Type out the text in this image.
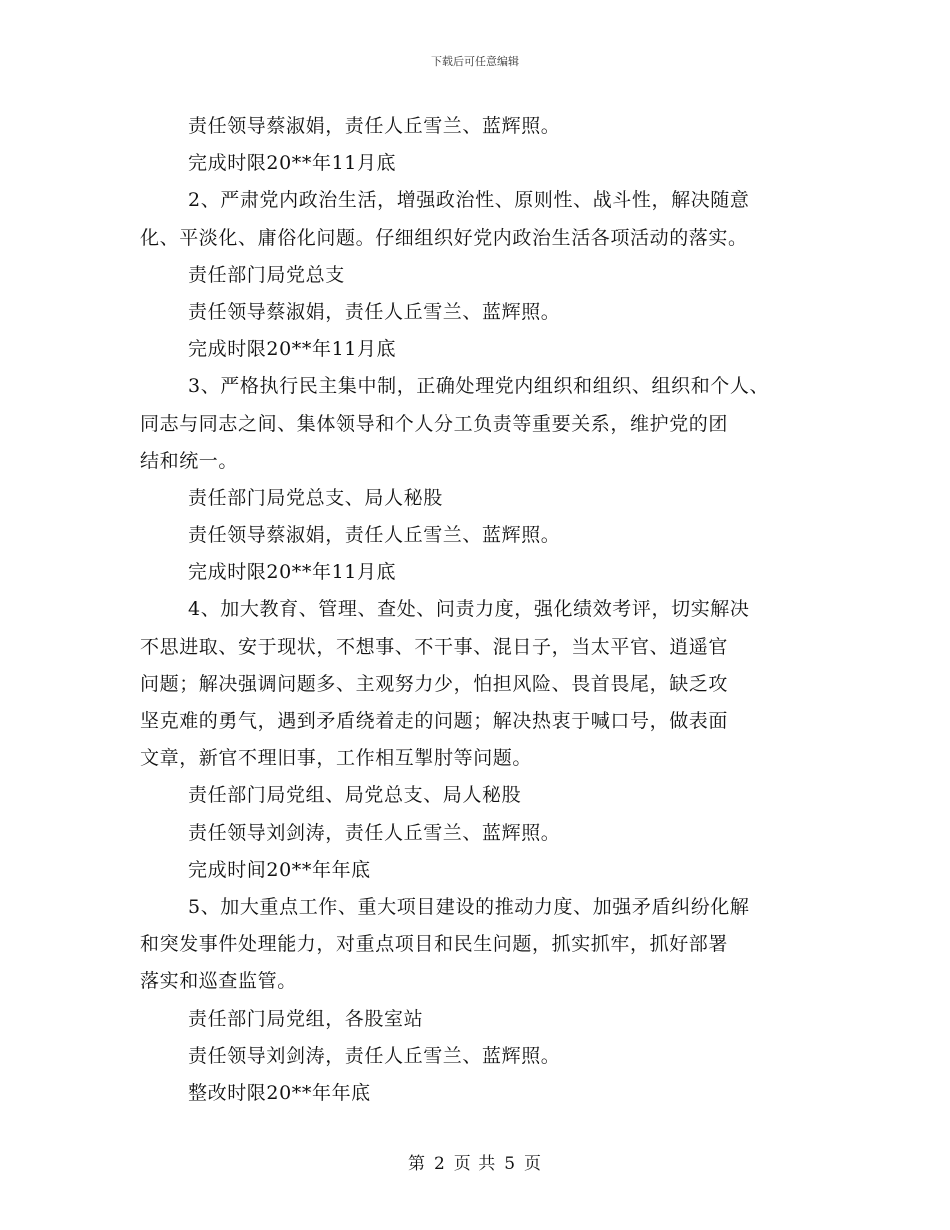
下载后可任意编辑
责任领导蔡淑娟，责任人丘雪兰、蓝辉照。
完成时限20**年11月底
2、严肃党内政治生活，增强政治性、原则性、战斗性，解决随意
化、平淡化、庸俗化问题。仔细组织好党内政治生活各项活动的落实。
责任部门局党总支
责任领导蔡淑娟，责任人丘雪兰、蓝辉照。
完成时限20**年11月底
3、严格执行民主集中制，正确处理党内组织和组织、组织和个人、
同志与同志之间、集体领导和个人分工负责等重要关系，维护党的团
结和统一。
责任部门局党总支、局人秘股
责任领导蔡淑娟，责任人丘雪兰、蓝辉照。
完成时限20**年11月底
4、加大教育、管理、查处、问责力度，强化绩效考评，切实解决
不思进取、安于现状，不想事、不干事、混日子，当太平官、逍遥官
问题；解决强调问题多、主观努力少，怕担风险、畏首畏尾，缺乏攻
坚克难的勇气，遇到矛盾绕着走的问题；解决热衷于喊口号，做表面
文章，新官不理旧事，工作相互掣肘等问题。
责任部门局党组、局党总支、局人秘股
责任领导刘剑涛，责任人丘雪兰、蓝辉照。
完成时间20**年年底
5、加大重点工作、重大项目建设的推动力度、加强矛盾纠纷化解
和突发事件处理能力，对重点项目和民生问题，抓实抓牢，抓好部署
落实和巡查监管。
责任部门局党组，各股室站
责任领导刘剑涛，责任人丘雪兰、蓝辉照。
整改时限20**年年底
第 2 页 共 5 页
